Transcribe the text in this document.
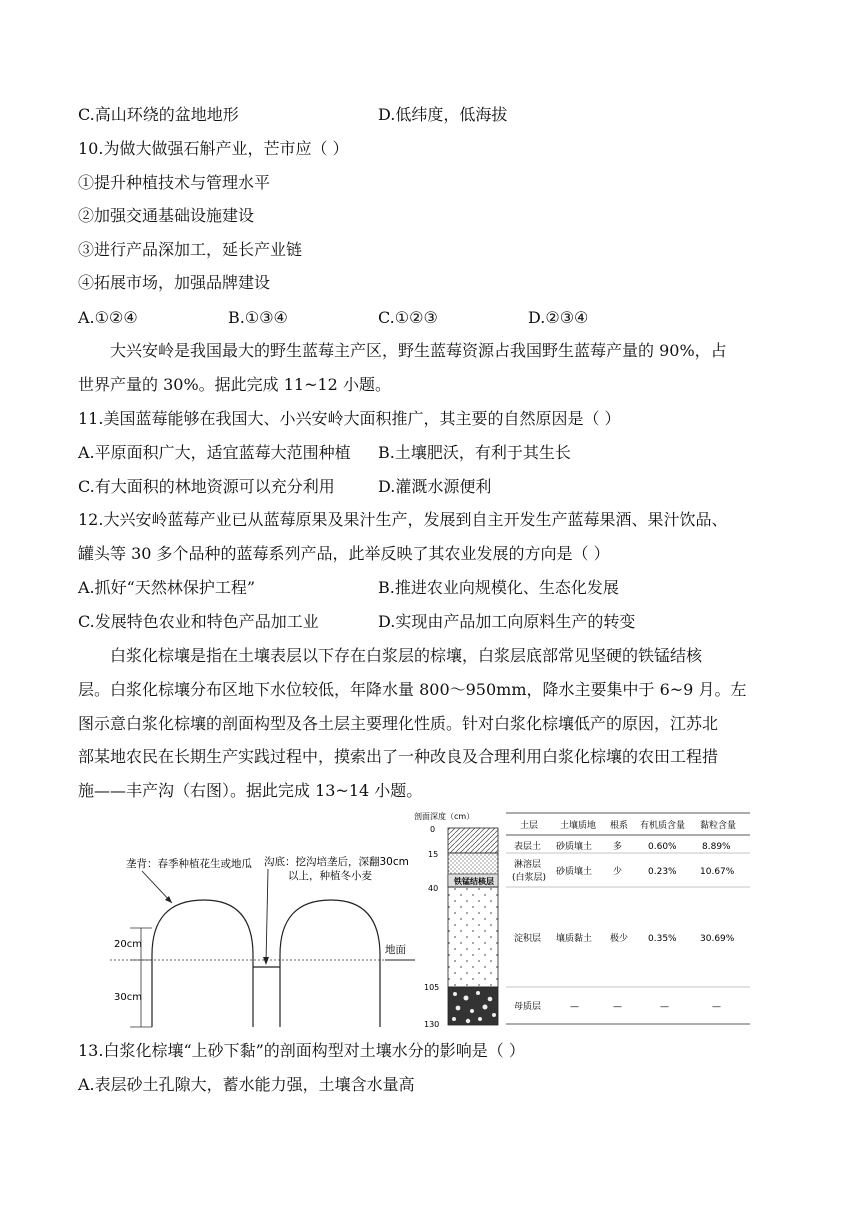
C.高山环绕的盆地地形	D.低纬度，低海拔
10.为做大做强石斛产业，芒市应（ ）
①提升种植技术与管理水平
②加强交通基础设施建设
③进行产品深加工，延长产业链
④拓展市场，加强品牌建设
A.①②④	B.①③④	C.①②③	D.②③④
大兴安岭是我国最大的野生蓝莓主产区，野生蓝莓资源占我国野生蓝莓产量的 90%，占
世界产量的 30%。据此完成 11~12 小题。
11.美国蓝莓能够在我国大、小兴安岭大面积推广，其主要的自然原因是（ ）
A.平原面积广大，适宜蓝莓大范围种植 B.土壤肥沃，有利于其生长
C.有大面积的林地资源可以充分利用	D.灌溉水源便利
12.大兴安岭蓝莓产业已从蓝莓原果及果汁生产，发展到自主开发生产蓝莓果酒、果汁饮品、
罐头等 30 多个品种的蓝莓系列产品，此举反映了其农业发展的方向是（ ）
A.抓好“天然林保护工程”	B.推进农业向规模化、生态化发展
C.发展特色农业和特色产品加工业	D.实现由产品加工向原料生产的转变
白浆化棕壤是指在土壤表层以下存在白浆层的棕壤，白浆层底部常见坚硬的铁锰结核
层。白浆化棕壤分布区地下水位较低，年降水量 800～950mm，降水主要集中于 6~9 月。左
图示意白浆化棕壤的剖面构型及各土层主要理化性质。针对白浆化棕壤低产的原因，江苏北
部某地农民在长期生产实践过程中，摸索出了一种改良及合理利用白浆化棕壤的农田工程措
施——丰产沟（右图）。据此完成 13~14 小题。
20cm
30cm
垄背：春季种植花生或地瓜 沟底：挖沟培垄后，深翻30cm
以上，种植冬小麦
地面
剖面深度（cm）
铁锰结核层
0
15
40
105
130
土层 土壤质地 根系 有机质含量 黏粒含量
表层土 砂质壤土 多	0.60%	8.89%
淋溶层
(白浆层)
砂质壤土 少	0.23%	10.67%
淀积层 壤质黏土 极少 0.35%	30.69%
母质层	—	—	—	—
13.白浆化棕壤“上砂下黏”的剖面构型对土壤水分的影响是（ ）
A.表层砂土孔隙大，蓄水能力强，土壤含水量高
